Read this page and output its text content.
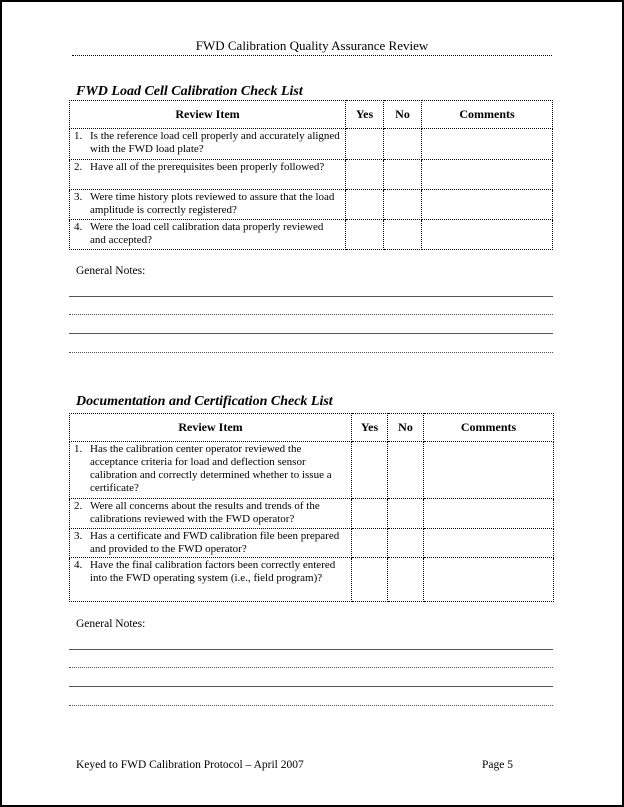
FWD Calibration Quality Assurance Review
FWD Load Cell Calibration Check List
Review Item	Yes	No	Comments

1. Is the reference load cell properly and accurately aligned with the FWD load plate?			

2. Have all of the prerequisites been properly followed?			

3. Were time history plots reviewed to assure that the load amplitude is correctly registered?			

4. Were the load cell calibration data properly reviewed and accepted?			

General Notes:
Documentation and Certification Check List
Review Item	Yes	No	Comments

1. Has the calibration center operator reviewed the acceptance criteria for load and deflection sensor calibration and correctly determined whether to issue a certificate?			

2. Were all concerns about the results and trends of the calibrations reviewed with the FWD operator?			

3. Has a certificate and FWD calibration file been prepared and provided to the FWD operator?			

4. Have the final calibration factors been correctly entered into the FWD operating system (i.e., field program)?			

General Notes:
Keyed to FWD Calibration Protocol – April 2007	Page 5
